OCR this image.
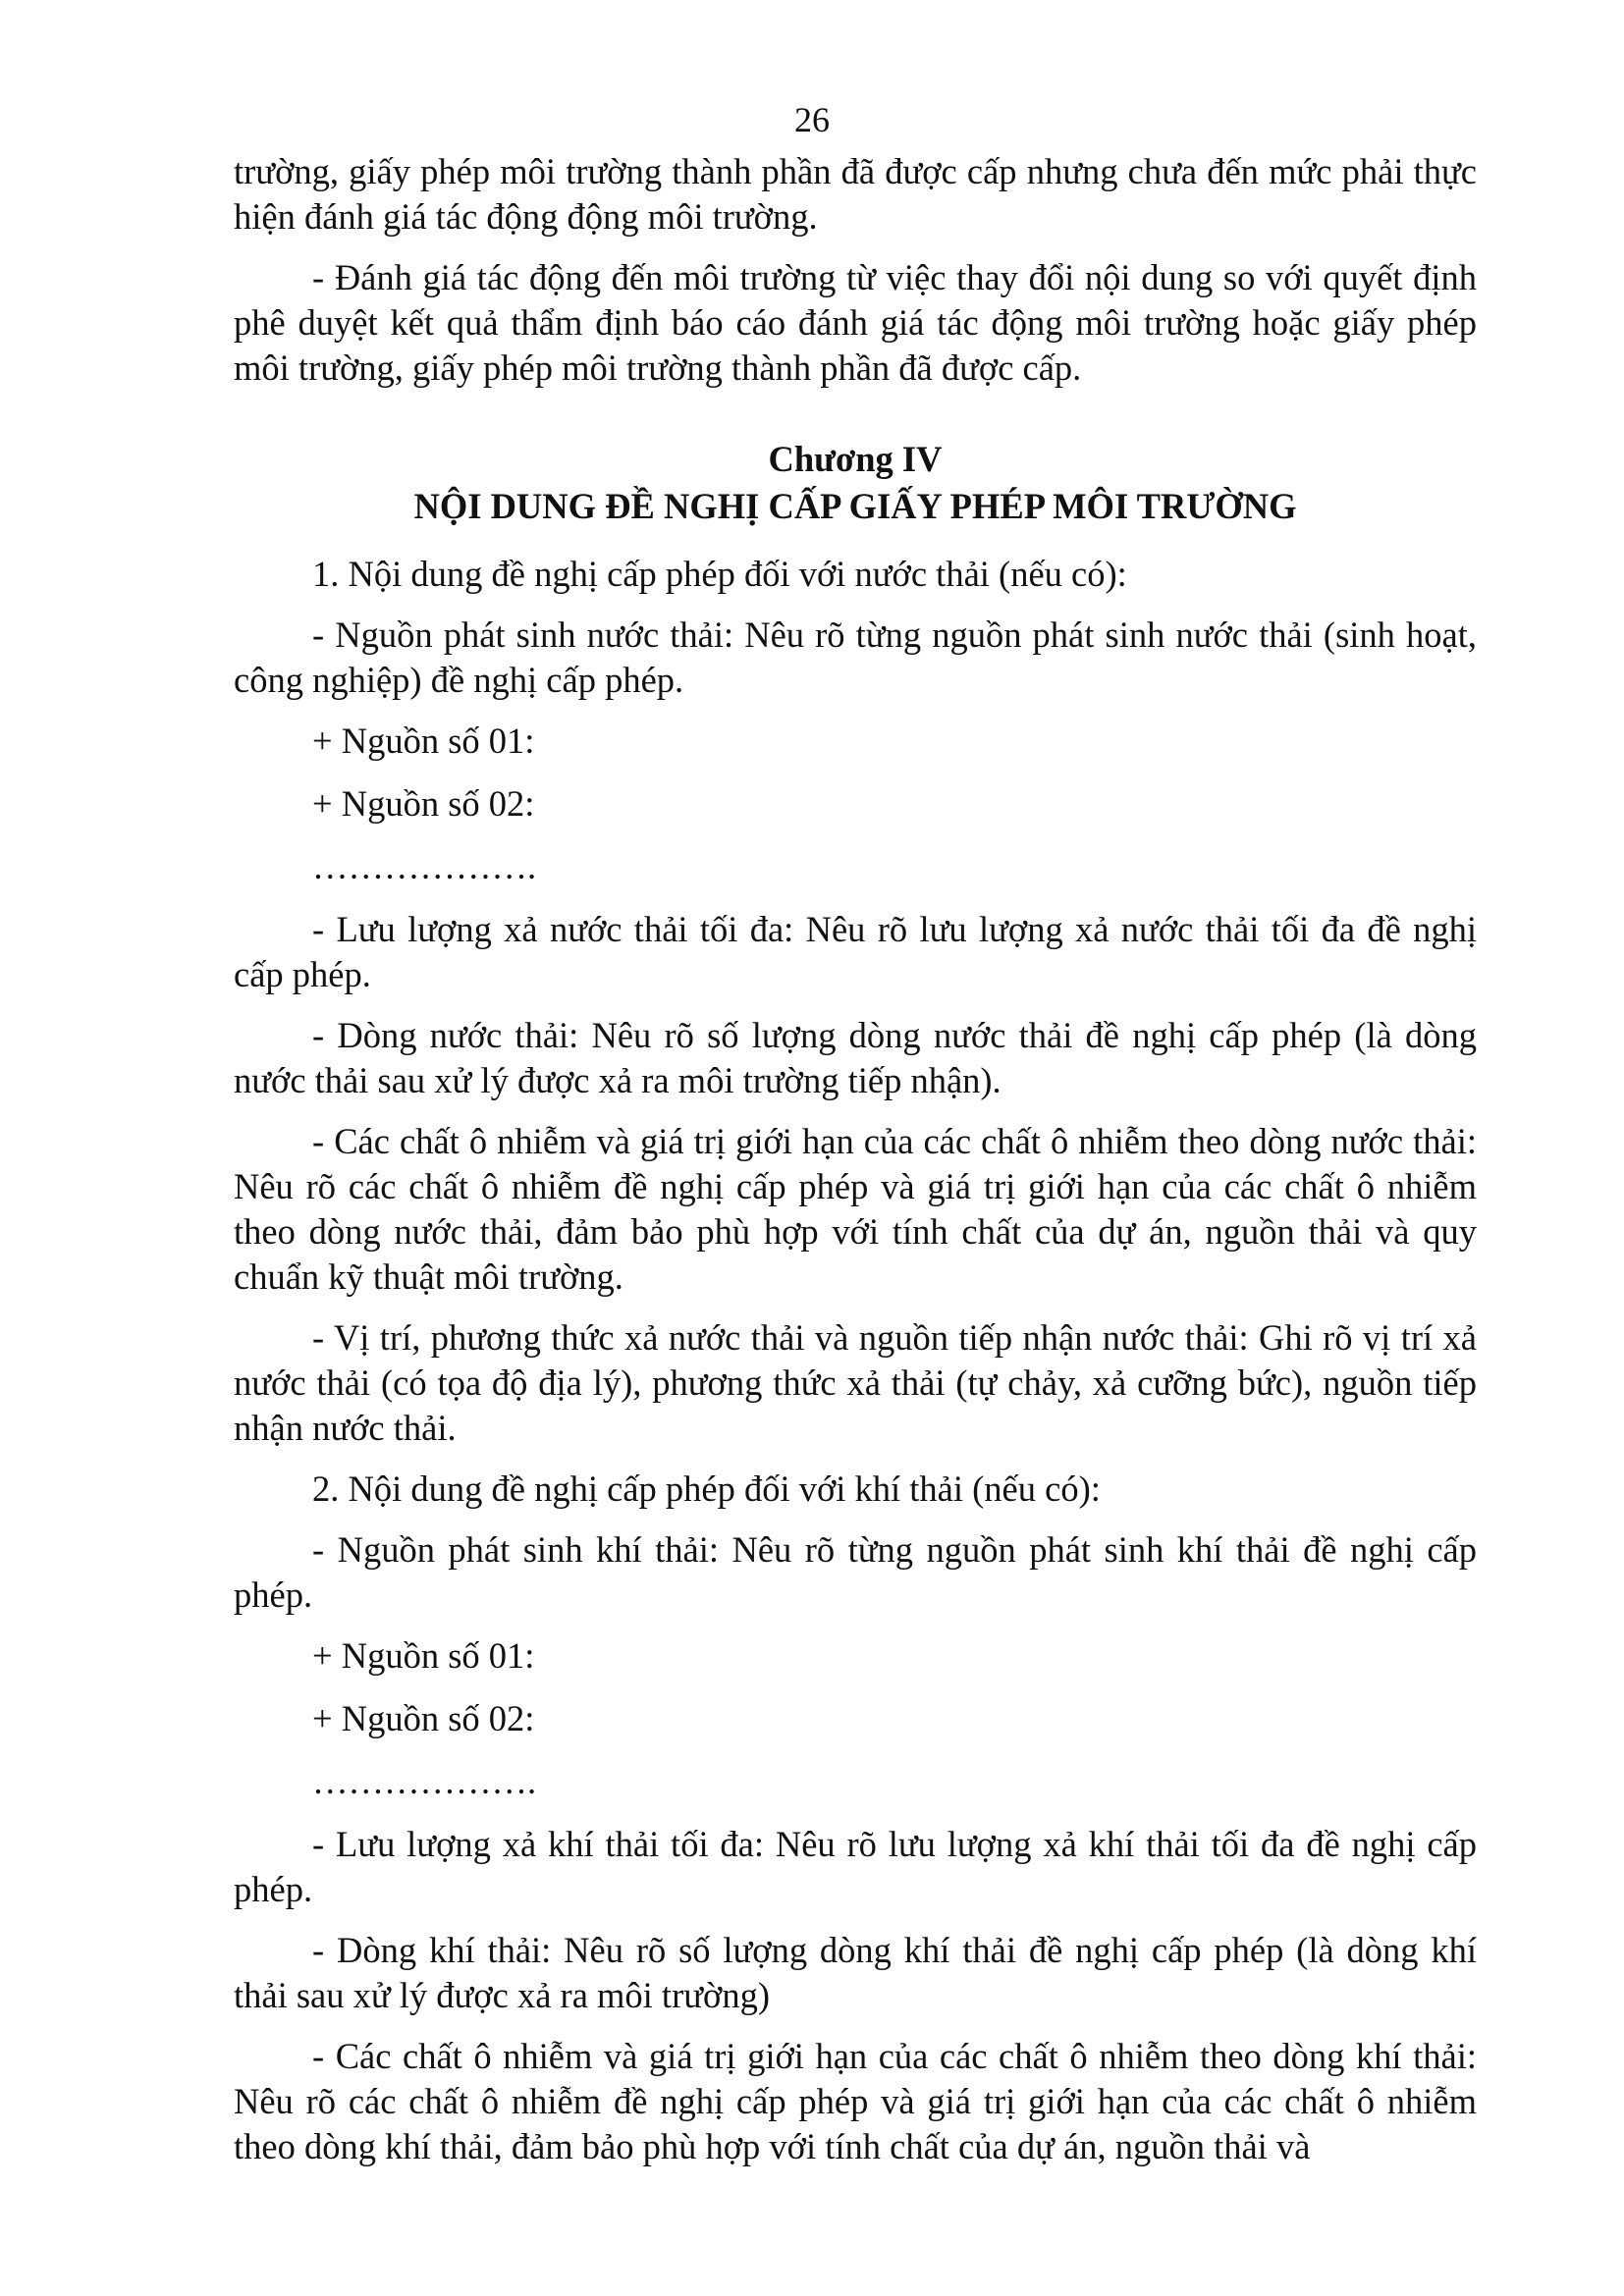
26

trường, giấy phép môi trường thành phần đã được cấp nhưng chưa đến mức phải thực hiện đánh giá tác động động môi trường.

- Đánh giá tác động đến môi trường từ việc thay đổi nội dung so với quyết định phê duyệt kết quả thẩm định báo cáo đánh giá tác động môi trường hoặc giấy phép môi trường, giấy phép môi trường thành phần đã được cấp.

Chương IV
NỘI DUNG ĐỀ NGHỊ CẤP GIẤY PHÉP MÔI TRƯỜNG

1. Nội dung đề nghị cấp phép đối với nước thải (nếu có):

- Nguồn phát sinh nước thải: Nêu rõ từng nguồn phát sinh nước thải (sinh hoạt, công nghiệp) đề nghị cấp phép.

+ Nguồn số 01:

+ Nguồn số 02:

……………….

- Lưu lượng xả nước thải tối đa: Nêu rõ lưu lượng xả nước thải tối đa đề nghị cấp phép.

- Dòng nước thải: Nêu rõ số lượng dòng nước thải đề nghị cấp phép (là dòng nước thải sau xử lý được xả ra môi trường tiếp nhận).

- Các chất ô nhiễm và giá trị giới hạn của các chất ô nhiễm theo dòng nước thải: Nêu rõ các chất ô nhiễm đề nghị cấp phép và giá trị giới hạn của các chất ô nhiễm theo dòng nước thải, đảm bảo phù hợp với tính chất của dự án, nguồn thải và quy chuẩn kỹ thuật môi trường.

- Vị trí, phương thức xả nước thải và nguồn tiếp nhận nước thải: Ghi rõ vị trí xả nước thải (có tọa độ địa lý), phương thức xả thải (tự chảy, xả cưỡng bức), nguồn tiếp nhận nước thải.

2. Nội dung đề nghị cấp phép đối với khí thải (nếu có):

- Nguồn phát sinh khí thải: Nêu rõ từng nguồn phát sinh khí thải đề nghị cấp phép.

+ Nguồn số 01:

+ Nguồn số 02:

……………….

- Lưu lượng xả khí thải tối đa: Nêu rõ lưu lượng xả khí thải tối đa đề nghị cấp phép.

- Dòng khí thải: Nêu rõ số lượng dòng khí thải đề nghị cấp phép (là dòng khí thải sau xử lý được xả ra môi trường)

- Các chất ô nhiễm và giá trị giới hạn của các chất ô nhiễm theo dòng khí thải: Nêu rõ các chất ô nhiễm đề nghị cấp phép và giá trị giới hạn của các chất ô nhiễm theo dòng khí thải, đảm bảo phù hợp với tính chất của dự án, nguồn thải và
